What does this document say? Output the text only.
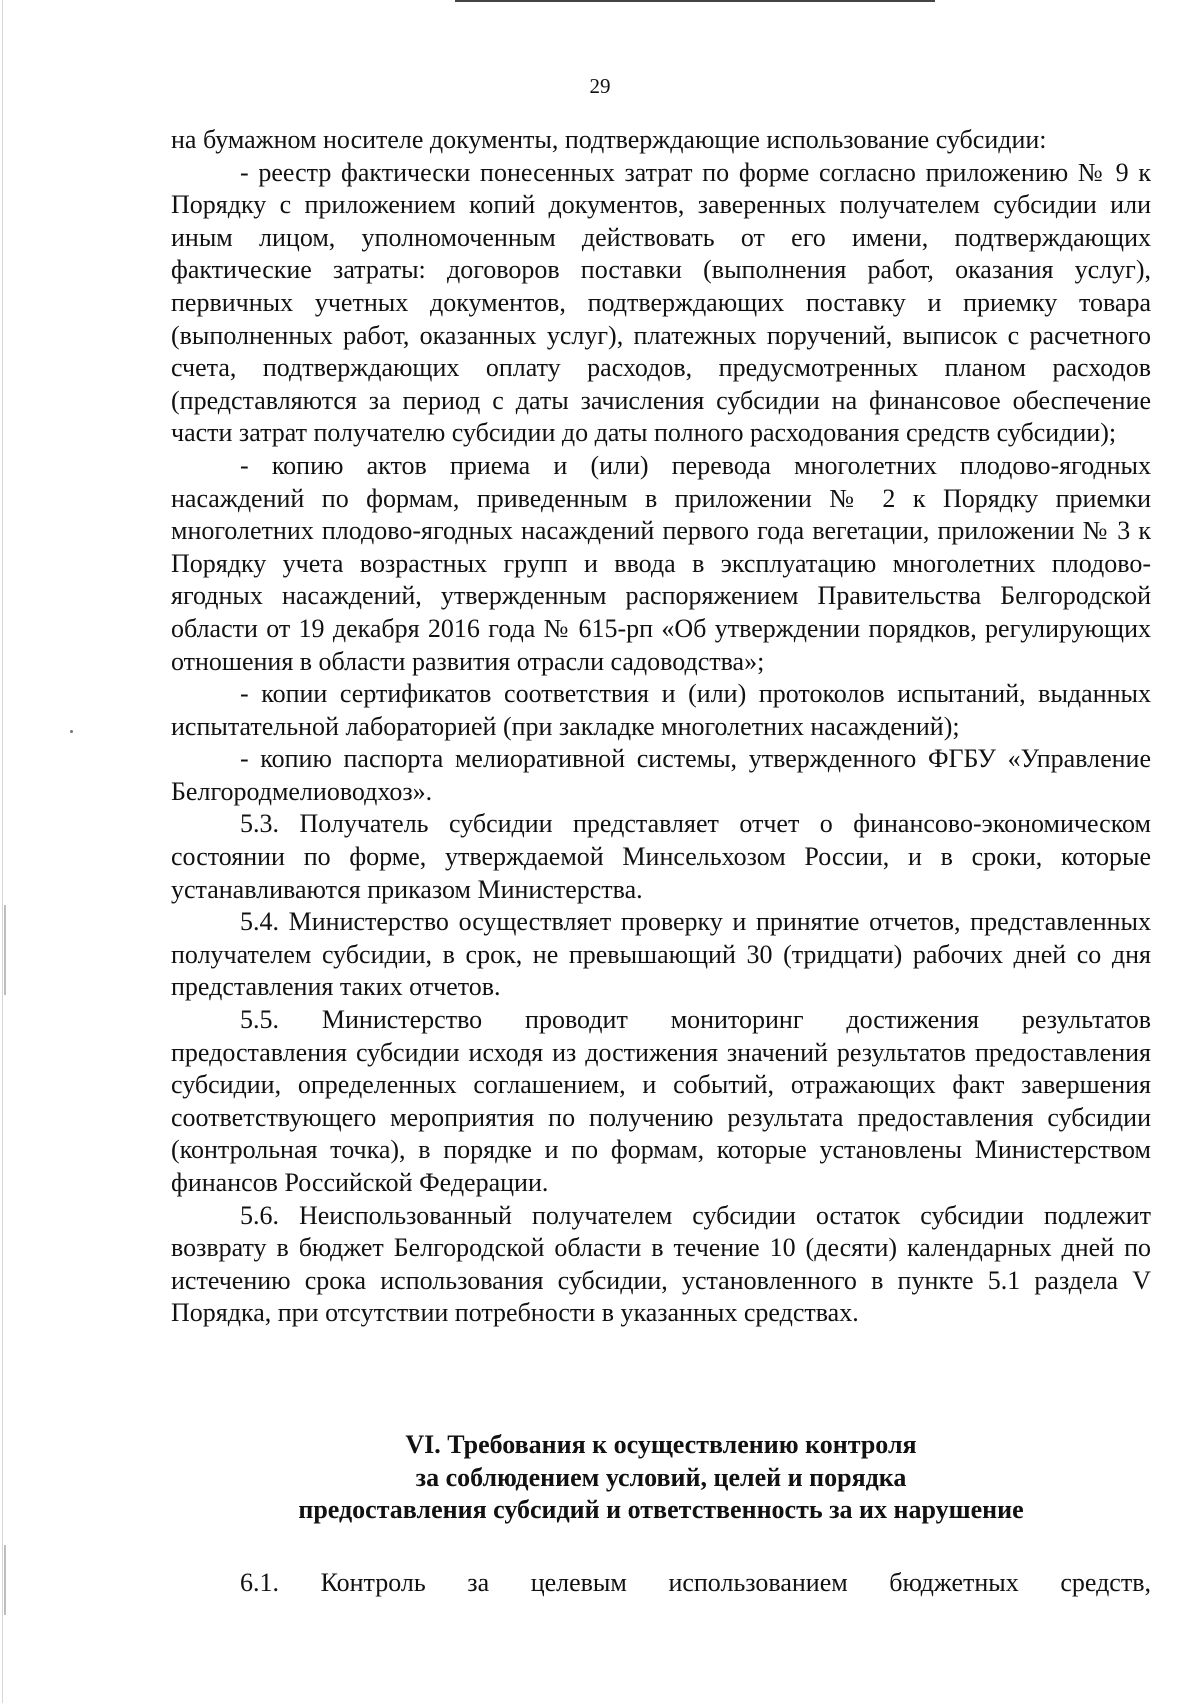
29

на бумажном носителе документы, подтверждающие использование субсидии:

- реестр фактически понесенных затрат по форме согласно приложению № 9 к Порядку с приложением копий документов, заверенных получателем субсидии или иным лицом, уполномоченным действовать от его имени, подтверждающих фактические затраты: договоров поставки (выполнения работ, оказания услуг), первичных учетных документов, подтверждающих поставку и приемку товара (выполненных работ, оказанных услуг), платежных поручений, выписок с расчетного счета, подтверждающих оплату расходов, предусмотренных планом расходов (представляются за период с даты зачисления субсидии на финансовое обеспечение части затрат получателю субсидии до даты полного расходования средств субсидии);

- копию актов приема и (или) перевода многолетних плодово-ягодных насаждений по формам, приведенным в приложении № 2 к Порядку приемки многолетних плодово-ягодных насаждений первого года вегетации, приложении № 3 к Порядку учета возрастных групп и ввода в эксплуатацию многолетних плодово-ягодных насаждений, утвержденным распоряжением Правительства Белгородской области от 19 декабря 2016 года № 615-рп «Об утверждении порядков, регулирующих отношения в области развития отрасли садоводства»;

- копии сертификатов соответствия и (или) протоколов испытаний, выданных испытательной лабораторией (при закладке многолетних насаждений);

- копию паспорта мелиоративной системы, утвержденного ФГБУ «Управление Белгородмелиоводхоз».

5.3. Получатель субсидии представляет отчет о финансово-экономическом состоянии по форме, утверждаемой Минсельхозом России, и в сроки, которые устанавливаются приказом Министерства.

5.4. Министерство осуществляет проверку и принятие отчетов, представленных получателем субсидии, в срок, не превышающий 30 (тридцати) рабочих дней со дня представления таких отчетов.

5.5. Министерство проводит мониторинг достижения результатов предоставления субсидии исходя из достижения значений результатов предоставления субсидии, определенных соглашением, и событий, отражающих факт завершения соответствующего мероприятия по получению результата предоставления субсидии (контрольная точка), в порядке и по формам, которые установлены Министерством финансов Российской Федерации.

5.6. Неиспользованный получателем субсидии остаток субсидии подлежит возврату в бюджет Белгородской области в течение 10 (десяти) календарных дней по истечению срока использования субсидии, установленного в пункте 5.1 раздела V Порядка, при отсутствии потребности в указанных средствах.

VI. Требования к осуществлению контроля
за соблюдением условий, целей и порядка
предоставления субсидий и ответственность за их нарушение

6.1. Контроль за целевым использованием бюджетных средств,
